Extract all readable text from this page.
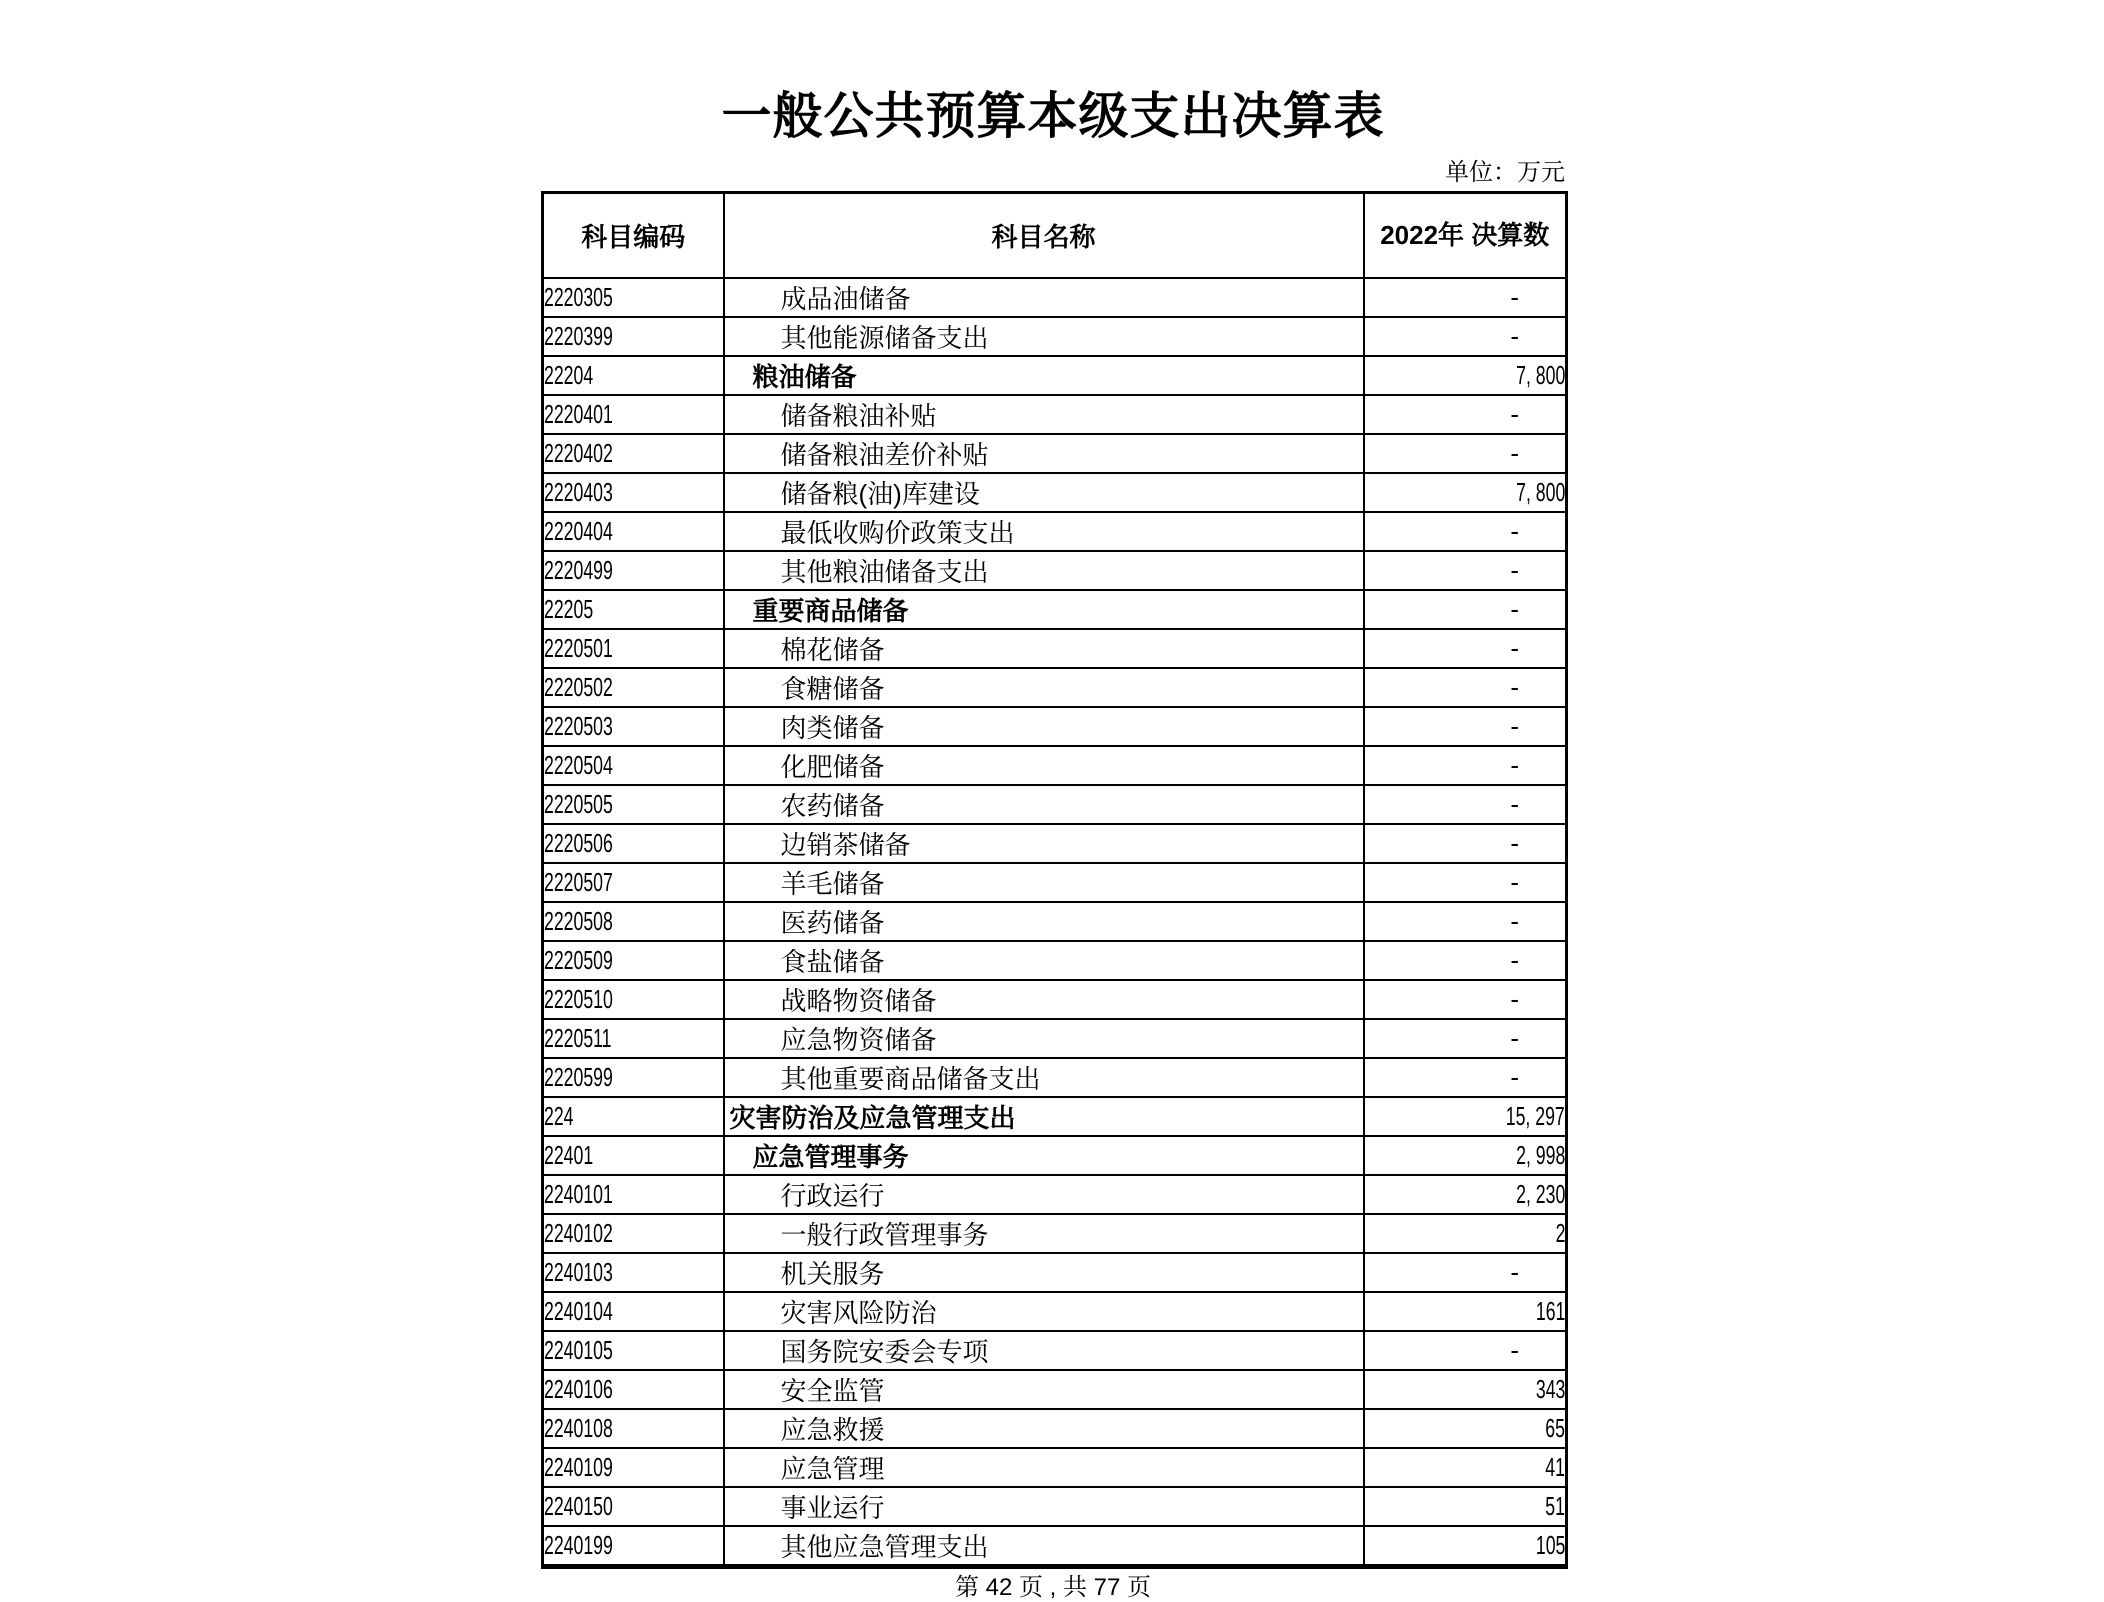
一般公共预算本级支出决算表
单位：万元
科目编码	科目名称	2022年 决算数
2220305	成品油储备	-
2220399	其他能源储备支出	-
22204	粮油储备	7, 800
2220401	储备粮油补贴	-
2220402	储备粮油差价补贴	-
2220403	储备粮(油)库建设	7, 800
2220404	最低收购价政策支出	-
2220499	其他粮油储备支出	-
22205	重要商品储备	-
2220501	棉花储备	-
2220502	食糖储备	-
2220503	肉类储备	-
2220504	化肥储备	-
2220505	农药储备	-
2220506	边销茶储备	-
2220507	羊毛储备	-
2220508	医药储备	-
2220509	食盐储备	-
2220510	战略物资储备	-
2220511	应急物资储备	-
2220599	其他重要商品储备支出	-
224	灾害防治及应急管理支出	15, 297
22401	应急管理事务	2, 998
2240101	行政运行	2, 230
2240102	一般行政管理事务	2
2240103	机关服务	-
2240104	灾害风险防治	161
2240105	国务院安委会专项	-
2240106	安全监管	343
2240108	应急救援	65
2240109	应急管理	41
2240150	事业运行	51
2240199	其他应急管理支出	105
第 42 页 , 共 77 页
